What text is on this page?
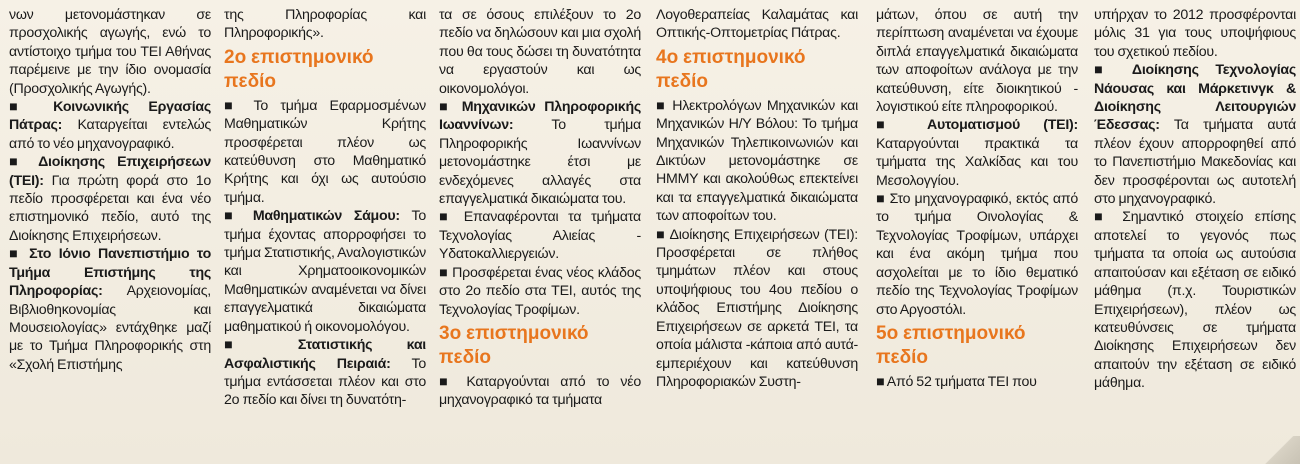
νων μετονομάστηκαν σε προσχολικής αγωγής, ενώ το αντίστοιχο τμήμα του ΤΕΙ Αθήνας παρέμεινε με την ίδιο ονομασία (Προσχολικής Αγωγής).

■ Κοινωνικής Εργασίας Πάτρας: Καταργείται εντελώς από το νέο μηχανογραφικό.

■ Διοίκησης Επιχειρήσεων (ΤΕΙ): Για πρώτη φορά στο 1ο πεδίο προσφέρεται και ένα νέο επιστημονικό πεδίο, αυτό της Διοίκησης Επιχειρήσεων.

■ Στο Ιόνιο Πανεπιστήμιο το Τμήμα Επιστήμης της Πληροφορίας: Αρχειονομίας, Βιβλιοθηκονομίας και Μουσειολογίας» εντάχθηκε μαζί με το Τμήμα Πληροφορικής στη «Σχολή Επιστήμης

της Πληροφορίας και Πληροφορικής».

2ο επιστημονικό πεδίο

■ Το τμήμα Εφαρμοσμένων Μαθηματικών Κρήτης προσφέρεται πλέον ως κατεύθυνση στο Μαθηματικό Κρήτης και όχι ως αυτούσιο τμήμα.

■ Μαθηματικών Σάμου: Το τμήμα έχοντας απορροφήσει το τμήμα Στατιστικής, Αναλογιστικών και Χρηματοοικονομικών Μαθηματικών αναμένεται να δίνει επαγγελματικά δικαιώματα μαθηματικού ή οικονομολόγου.

■ Στατιστικής και Ασφαλιστικής Πειραιά: Το τμήμα εντάσσεται πλέον και στο 2ο πεδίο και δίνει τη δυνατότη-

τα σε όσους επιλέξουν το 2ο πεδίο να δηλώσουν και μια σχολή που θα τους δώσει τη δυνατότητα να εργαστούν και ως οικονομολόγοι.

■ Μηχανικών Πληροφορικής Ιωαννίνων: Το τμήμα Πληροφορικής Ιωαννίνων μετονομάστηκε έτσι με ενδεχόμενες αλλαγές στα επαγγελματικά δικαιώματα του.

■ Επαναφέρονται τα τμήματα Τεχνολογίας Αλιείας - Υδατοκαλλιεργειών.

■ Προσφέρεται ένας νέος κλάδος στο 2ο πεδίο στα ΤΕΙ, αυτός της Τεχνολογίας Τροφίμων.

3ο επιστημονικό πεδίο

■ Καταργούνται από το νέο μηχανογραφικό τα τμήματα

Λογοθεραπείας Καλαμάτας και Οπτικής-Οπτομετρίας Πάτρας.

4ο επιστημονικό πεδίο

■ Ηλεκτρολόγων Μηχανικών και Μηχανικών Η/Υ Βόλου: Το τμήμα Μηχανικών Τηλεπικοινωνιών και Δικτύων μετονομάστηκε σε ΗΜΜΥ και ακολούθως επεκτείνει και τα επαγγελματικά δικαιώματα των αποφοίτων του.

■ Διοίκησης Επιχειρήσεων (ΤΕΙ): Προσφέρεται σε πλήθος τμημάτων πλέον και στους υποψήφιους του 4ου πεδίου ο κλάδος Επιστήμης Διοίκησης Επιχειρήσεων σε αρκετά ΤΕΙ, τα οποία μάλιστα -κάποια από αυτά- εμπεριέχουν και κατεύθυνση Πληροφοριακών Συστη-

μάτων, όπου σε αυτή την περίπτωση αναμένεται να έχουμε διπλά επαγγελματικά δικαιώματα των αποφοίτων ανάλογα με την κατεύθυνση, είτε διοικητικού - λογιστικού είτε πληροφορικού.

■ Αυτοματισμού (ΤΕΙ): Καταργούνται πρακτικά τα τμήματα της Χαλκίδας και του Μεσολογγίου.

■ Στο μηχανογραφικό, εκτός από το τμήμα Οινολογίας & Τεχνολογίας Τροφίμων, υπάρχει και ένα ακόμη τμήμα που ασχολείται με το ίδιο θεματικό πεδίο της Τεχνολογίας Τροφίμων στο Αργοστόλι.

5ο επιστημονικό πεδίο

■ Από 52 τμήματα ΤΕΙ που

υπήρχαν το 2012 προσφέρονται μόλις 31 για τους υποψήφιους του σχετικού πεδίου.

■ Διοίκησης Τεχνολογίας Νάουσας και Μάρκετινγκ & Διοίκησης Λειτουργιών Έδεσσας: Τα τμήματα αυτά πλέον έχουν απορροφηθεί από το Πανεπιστήμιο Μακεδονίας και δεν προσφέρονται ως αυτοτελή στο μηχανογραφικό.

■ Σημαντικό στοιχείο επίσης αποτελεί το γεγονός πως τμήματα τα οποία ως αυτούσια απαιτούσαν και εξέταση σε ειδικό μάθημα (π.χ. Τουριστικών Επιχειρήσεων), πλέον ως κατευθύνσεις σε τμήματα Διοίκησης Επιχειρήσεων δεν απαιτούν την εξέταση σε ειδικό μάθημα.
